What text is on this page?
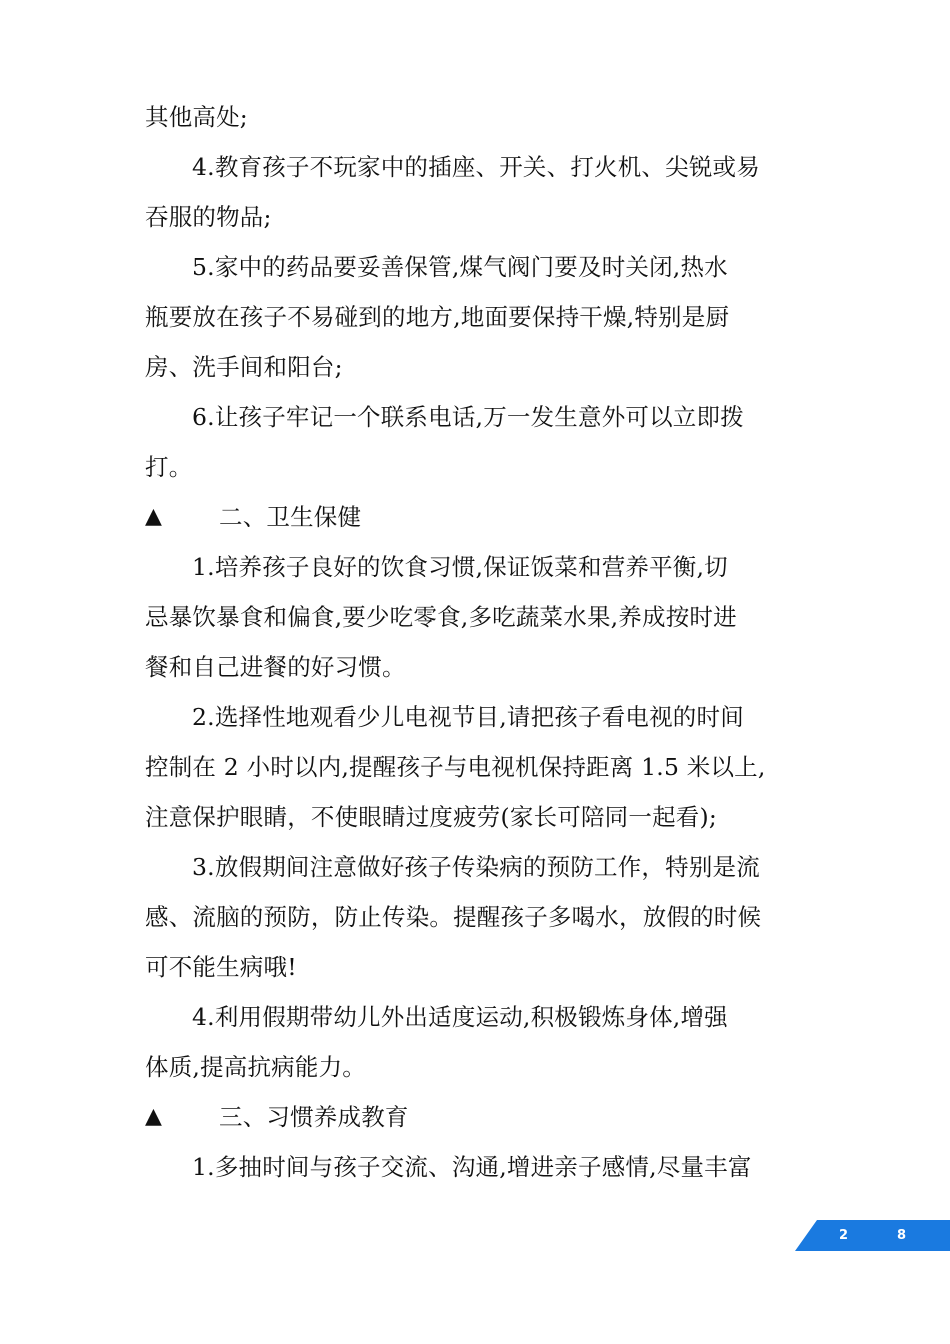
其他高处;
4.教育孩子不玩家中的插座、开关、打火机、尖锐或易
吞服的物品;
5.家中的药品要妥善保管,煤气阀门要及时关闭,热水
瓶要放在孩子不易碰到的地方,地面要保持干燥,特别是厨
房、洗手间和阳台;
6.让孩子牢记一个联系电话,万一发生意外可以立即拨
打。
▲	二、卫生保健
1.培养孩子良好的饮食习惯,保证饭菜和营养平衡,切
忌暴饮暴食和偏食,要少吃零食,多吃蔬菜水果,养成按时进
餐和自己进餐的好习惯。
2.选择性地观看少儿电视节目,请把孩子看电视的时间
控制在 2 小时以内,提醒孩子与电视机保持距离 1.5 米以上,
注意保护眼睛，不使眼睛过度疲劳(家长可陪同一起看);
3.放假期间注意做好孩子传染病的预防工作，特别是流
感、流脑的预防，防止传染。提醒孩子多喝水，放假的时候
可不能生病哦!
4.利用假期带幼儿外出适度运动,积极锻炼身体,增强
体质,提高抗病能力。
▲	三、习惯养成教育
1.多抽时间与孩子交流、沟通,增进亲子感情,尽量丰富
2	8
